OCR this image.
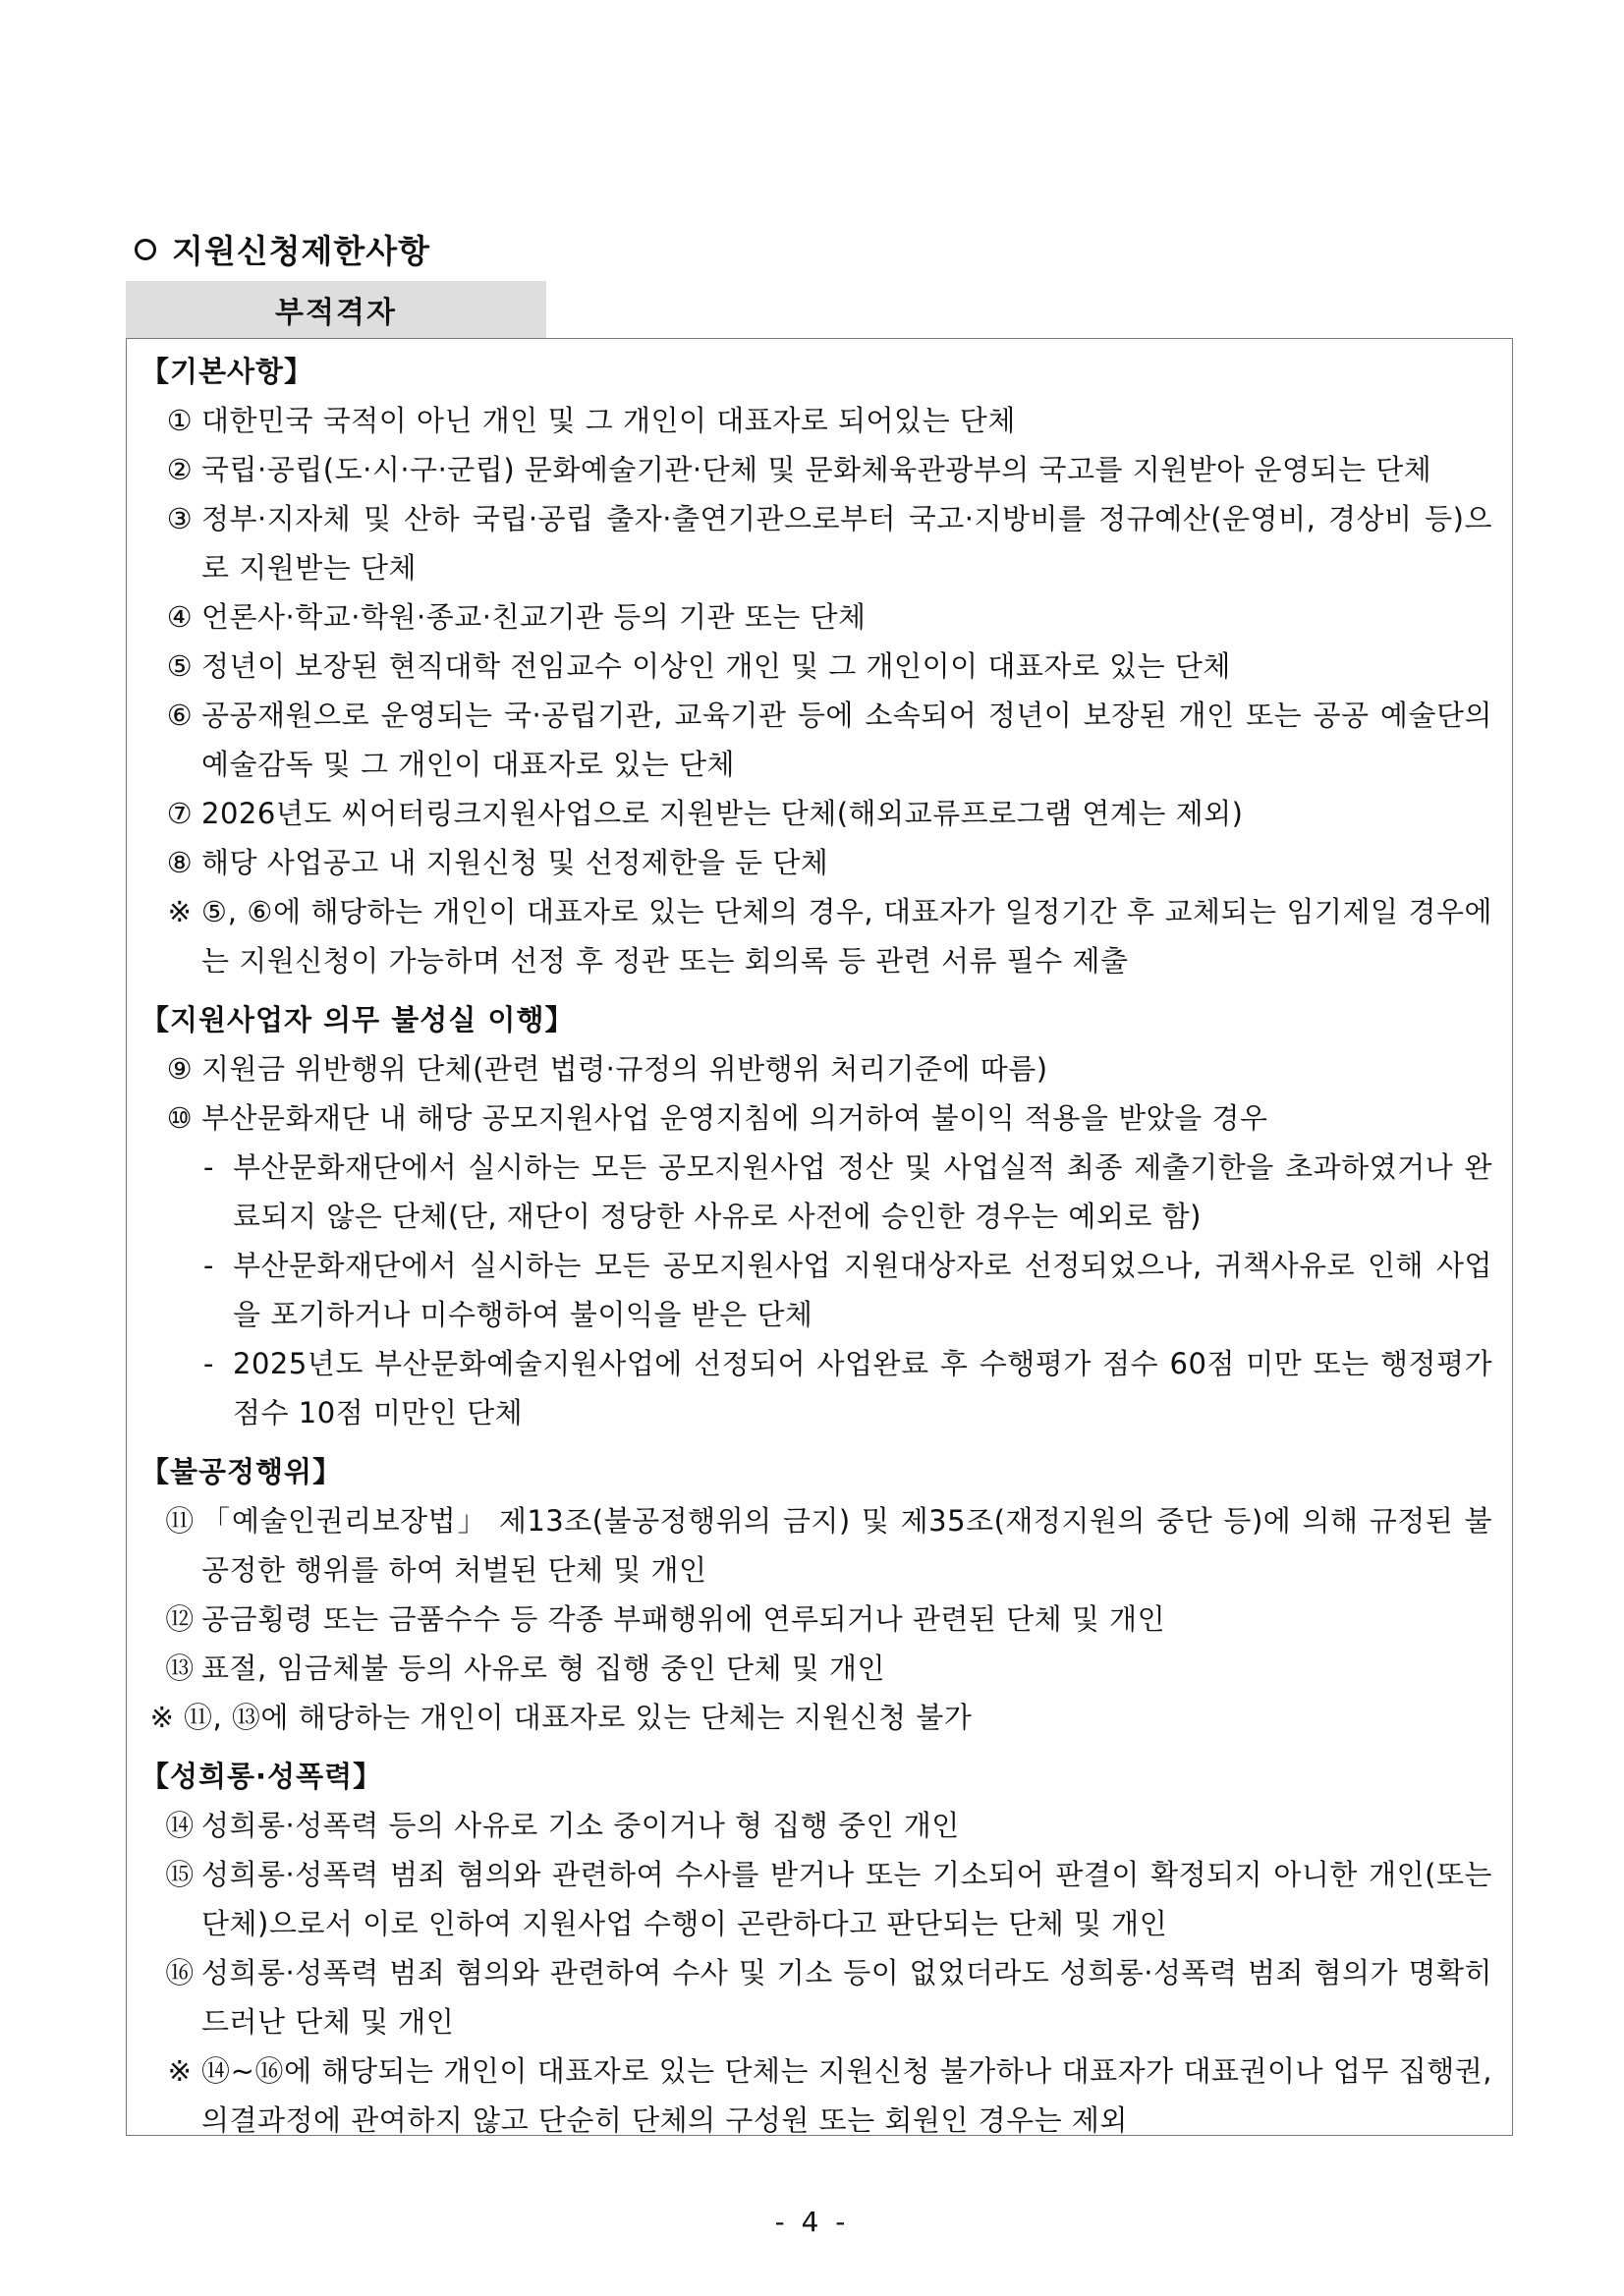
지원신청제한사항
부적격자
【기본사항】
① 대한민국 국적이 아닌 개인 및 그 개인이 대표자로 되어있는 단체
② 국립·공립(도·시·구·군립) 문화예술기관·단체 및 문화체육관광부의 국고를 지원받아 운영되는 단체
③ 정부·지자체 및 산하 국립·공립 출자·출연기관으로부터 국고·지방비를 정규예산(운영비, 경상비 등)으로 지원받는 단체
④ 언론사·학교·학원·종교·친교기관 등의 기관 또는 단체
⑤ 정년이 보장된 현직대학 전임교수 이상인 개인 및 그 개인이이 대표자로 있는 단체
⑥ 공공재원으로 운영되는 국·공립기관, 교육기관 등에 소속되어 정년이 보장된 개인 또는 공공 예술단의 예술감독 및 그 개인이 대표자로 있는 단체
⑦ 2026년도 씨어터링크지원사업으로 지원받는 단체(해외교류프로그램 연계는 제외)
⑧ 해당 사업공고 내 지원신청 및 선정제한을 둔 단체
※ ⑤, ⑥에 해당하는 개인이 대표자로 있는 단체의 경우, 대표자가 일정기간 후 교체되는 임기제일 경우에는 지원신청이 가능하며 선정 후 정관 또는 회의록 등 관련 서류 필수 제출
【지원사업자 의무 불성실 이행】
⑨ 지원금 위반행위 단체(관련 법령·규정의 위반행위 처리기준에 따름)
⑩ 부산문화재단 내 해당 공모지원사업 운영지침에 의거하여 불이익 적용을 받았을 경우
- 부산문화재단에서 실시하는 모든 공모지원사업 정산 및 사업실적 최종 제출기한을 초과하였거나 완료되지 않은 단체(단, 재단이 정당한 사유로 사전에 승인한 경우는 예외로 함)
- 부산문화재단에서 실시하는 모든 공모지원사업 지원대상자로 선정되었으나, 귀책사유로 인해 사업을 포기하거나 미수행하여 불이익을 받은 단체
- 2025년도 부산문화예술지원사업에 선정되어 사업완료 후 수행평가 점수 60점 미만 또는 행정평가점수 10점 미만인 단체
【불공정행위】
⑪ 「예술인권리보장법」 제13조(불공정행위의 금지) 및 제35조(재정지원의 중단 등)에 의해 규정된 불공정한 행위를 하여 처벌된 단체 및 개인
⑫ 공금횡령 또는 금품수수 등 각종 부패행위에 연루되거나 관련된 단체 및 개인
⑬ 표절, 임금체불 등의 사유로 형 집행 중인 단체 및 개인
※ ⑪, ⑬에 해당하는 개인이 대표자로 있는 단체는 지원신청 불가
【성희롱·성폭력】
⑭ 성희롱·성폭력 등의 사유로 기소 중이거나 형 집행 중인 개인
⑮ 성희롱·성폭력 범죄 혐의와 관련하여 수사를 받거나 또는 기소되어 판결이 확정되지 아니한 개인(또는 단체)으로서 이로 인하여 지원사업 수행이 곤란하다고 판단되는 단체 및 개인
⑯ 성희롱·성폭력 범죄 혐의와 관련하여 수사 및 기소 등이 없었더라도 성희롱·성폭력 범죄 혐의가 명확히 드러난 단체 및 개인
※ ⑭~⑯에 해당되는 개인이 대표자로 있는 단체는 지원신청 불가하나 대표자가 대표권이나 업무 집행권, 의결과정에 관여하지 않고 단순히 단체의 구성원 또는 회원인 경우는 제외
- 4 -
